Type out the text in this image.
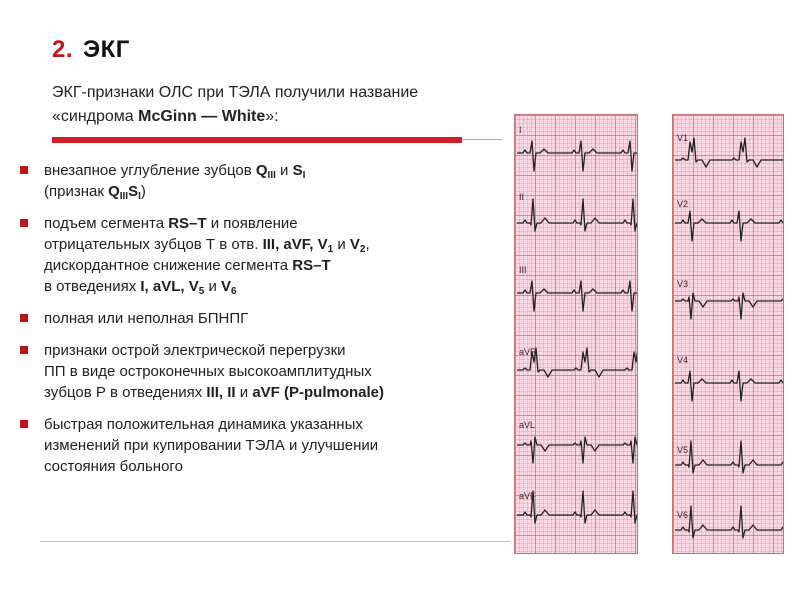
2. ЭКГ
ЭКГ-признаки ОЛС при ТЭЛА получили название
«синдрома McGinn — White»:
внезапное углубление зубцов $Q_{III}$ и $S_I$
(признак $Q_{III}S_I$)
подъем сегмента RS–T и появление
отрицательных зубцов Т в отв. III, aVF, $V_1$ и $V_2$,
дискордантное снижение сегмента RS–T
в отведениях I, aVL, $V_5$ и $V_6$
полная или неполная БПНПГ
признаки острой электрической перегрузки
ПП в виде остроконечных высокоамплитудных
зубцов Р в отведениях III, II и aVF (P-pulmonale)
быстрая положительная динамика указанных
изменений при купировании ТЭЛА и улучшении
состояния больного
I
II
III
aVR
aVL
aVF
V1
V2
V3
V4
V5
V6
